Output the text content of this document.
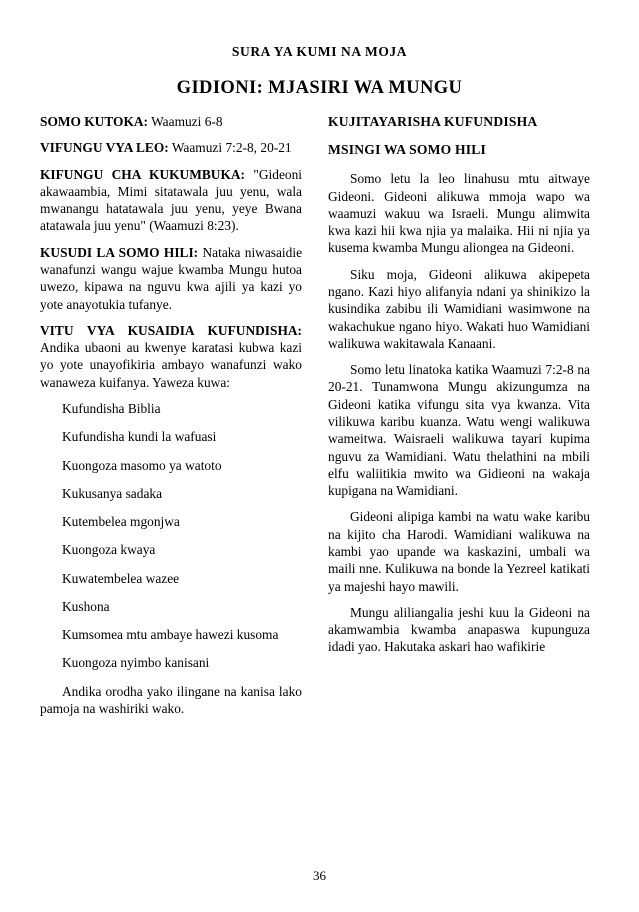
SURA YA KUMI NA MOJA
GIDIONI: MJASIRI WA MUNGU

SOMO KUTOKA: Waamuzi 6-8

VIFUNGU VYA LEO: Waamuzi 7:2-8, 20-21

KIFUNGU CHA KUKUMBUKA: "Gideoni akawaambia, Mimi sitatawala juu yenu, wala mwanangu hatatawala juu yenu, yeye Bwana atatawala juu yenu" (Waamuzi 8:23).

KUSUDI LA SOMO HILI: Nataka niwasaidie wanafunzi wangu wajue kwamba Mungu hutoa uwezo, kipawa na nguvu kwa ajili ya kazi yo yote anayotukia tufanye.

VITU VYA KUSAIDIA KUFUNDISHA: Andika ubaoni au kwenye karatasi kubwa kazi yo yote unayofikiria ambayo wanafunzi wako wanaweza kuifanya. Yaweza kuwa:

Kufundisha Biblia

Kufundisha kundi la wafuasi

Kuongoza masomo ya watoto

Kukusanya sadaka

Kutembelea mgonjwa

Kuongoza kwaya

Kuwatembelea wazee

Kushona

Kumsomea mtu ambaye hawezi kusoma

Kuongoza nyimbo kanisani

Andika orodha yako ilingane na kanisa lako pamoja na washiriki wako.

KUJITAYARISHA KUFUNDISHA
MSINGI WA SOMO HILI

Somo letu la leo linahusu mtu aitwaye Gideoni. Gideoni alikuwa mmoja wapo wa waamuzi wakuu wa Israeli. Mungu alimwita kwa kazi hii kwa njia ya malaika. Hii ni njia ya kusema kwamba Mungu aliongea na Gideoni.

Siku moja, Gideoni alikuwa akipepeta ngano. Kazi hiyo alifanyia ndani ya shinikizo la kusindika zabibu ili Wamidiani wasimwone na wakachukue ngano hiyo. Wakati huo Wamidiani walikuwa wakitawala Kanaani.

Somo letu linatoka katika Waamuzi 7:2-8 na 20-21. Tunamwona Mungu akizungumza na Gideoni katika vifungu sita vya kwanza. Vita vilikuwa karibu kuanza. Watu wengi walikuwa wameitwa. Waisraeli walikuwa tayari kupima nguvu za Wamidiani. Watu thelathini na mbili elfu waliitikia mwito wa Gidieoni na wakaja kupigana na Wamidiani.

Gideoni alipiga kambi na watu wake karibu na kijito cha Harodi. Wamidiani walikuwa na kambi yao upande wa kaskazini, umbali wa maili nne. Kulikuwa na bonde la Yezreel katikati ya majeshi hayo mawili.

Mungu aliliangalia jeshi kuu la Gideoni na akamwambia kwamba anapaswa kupunguza idadi yao. Hakutaka askari hao wafikirie

36
